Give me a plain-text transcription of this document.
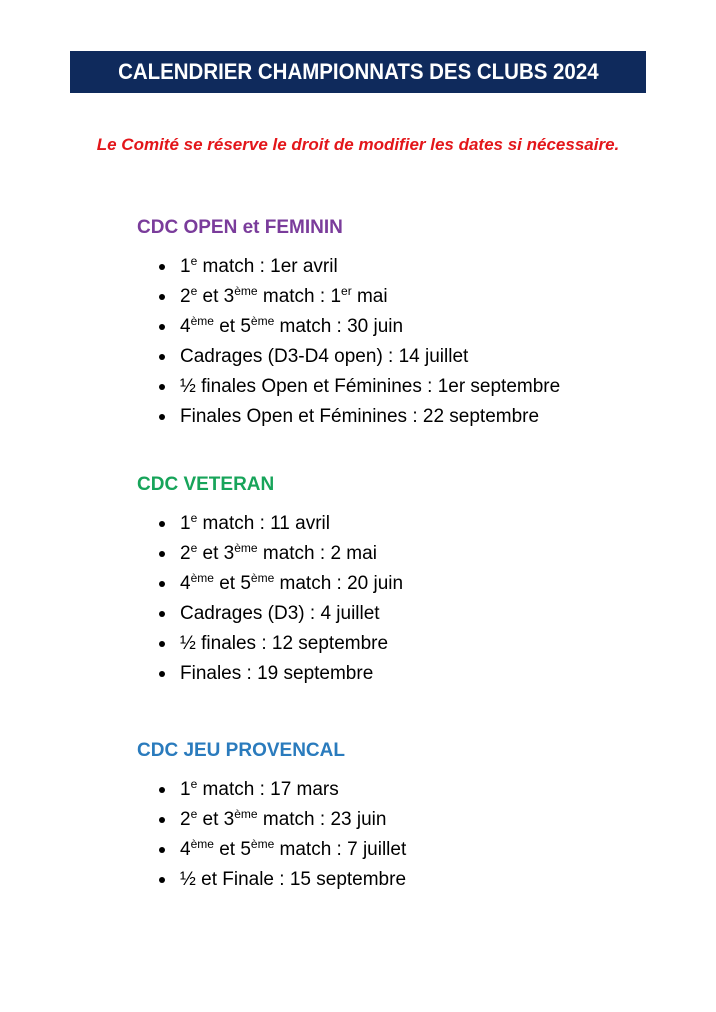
CALENDRIER CHAMPIONNATS DES CLUBS 2024
Le Comité se réserve le droit de modifier les dates si nécessaire.
CDC OPEN et FEMININ
1e match : 1er avril
2e et 3ème match : 1er mai
4ème et 5ème match : 30 juin
Cadrages (D3-D4 open) : 14 juillet
½ finales Open et Féminines : 1er septembre
Finales Open et Féminines : 22 septembre
CDC VETERAN
1e match : 11 avril
2e et 3ème match : 2 mai
4ème et 5ème match : 20 juin
Cadrages (D3) : 4 juillet
½ finales : 12 septembre
Finales : 19 septembre
CDC JEU PROVENCAL
1e match : 17 mars
2e et 3ème match : 23 juin
4ème et 5ème match : 7 juillet
½ et Finale : 15 septembre
